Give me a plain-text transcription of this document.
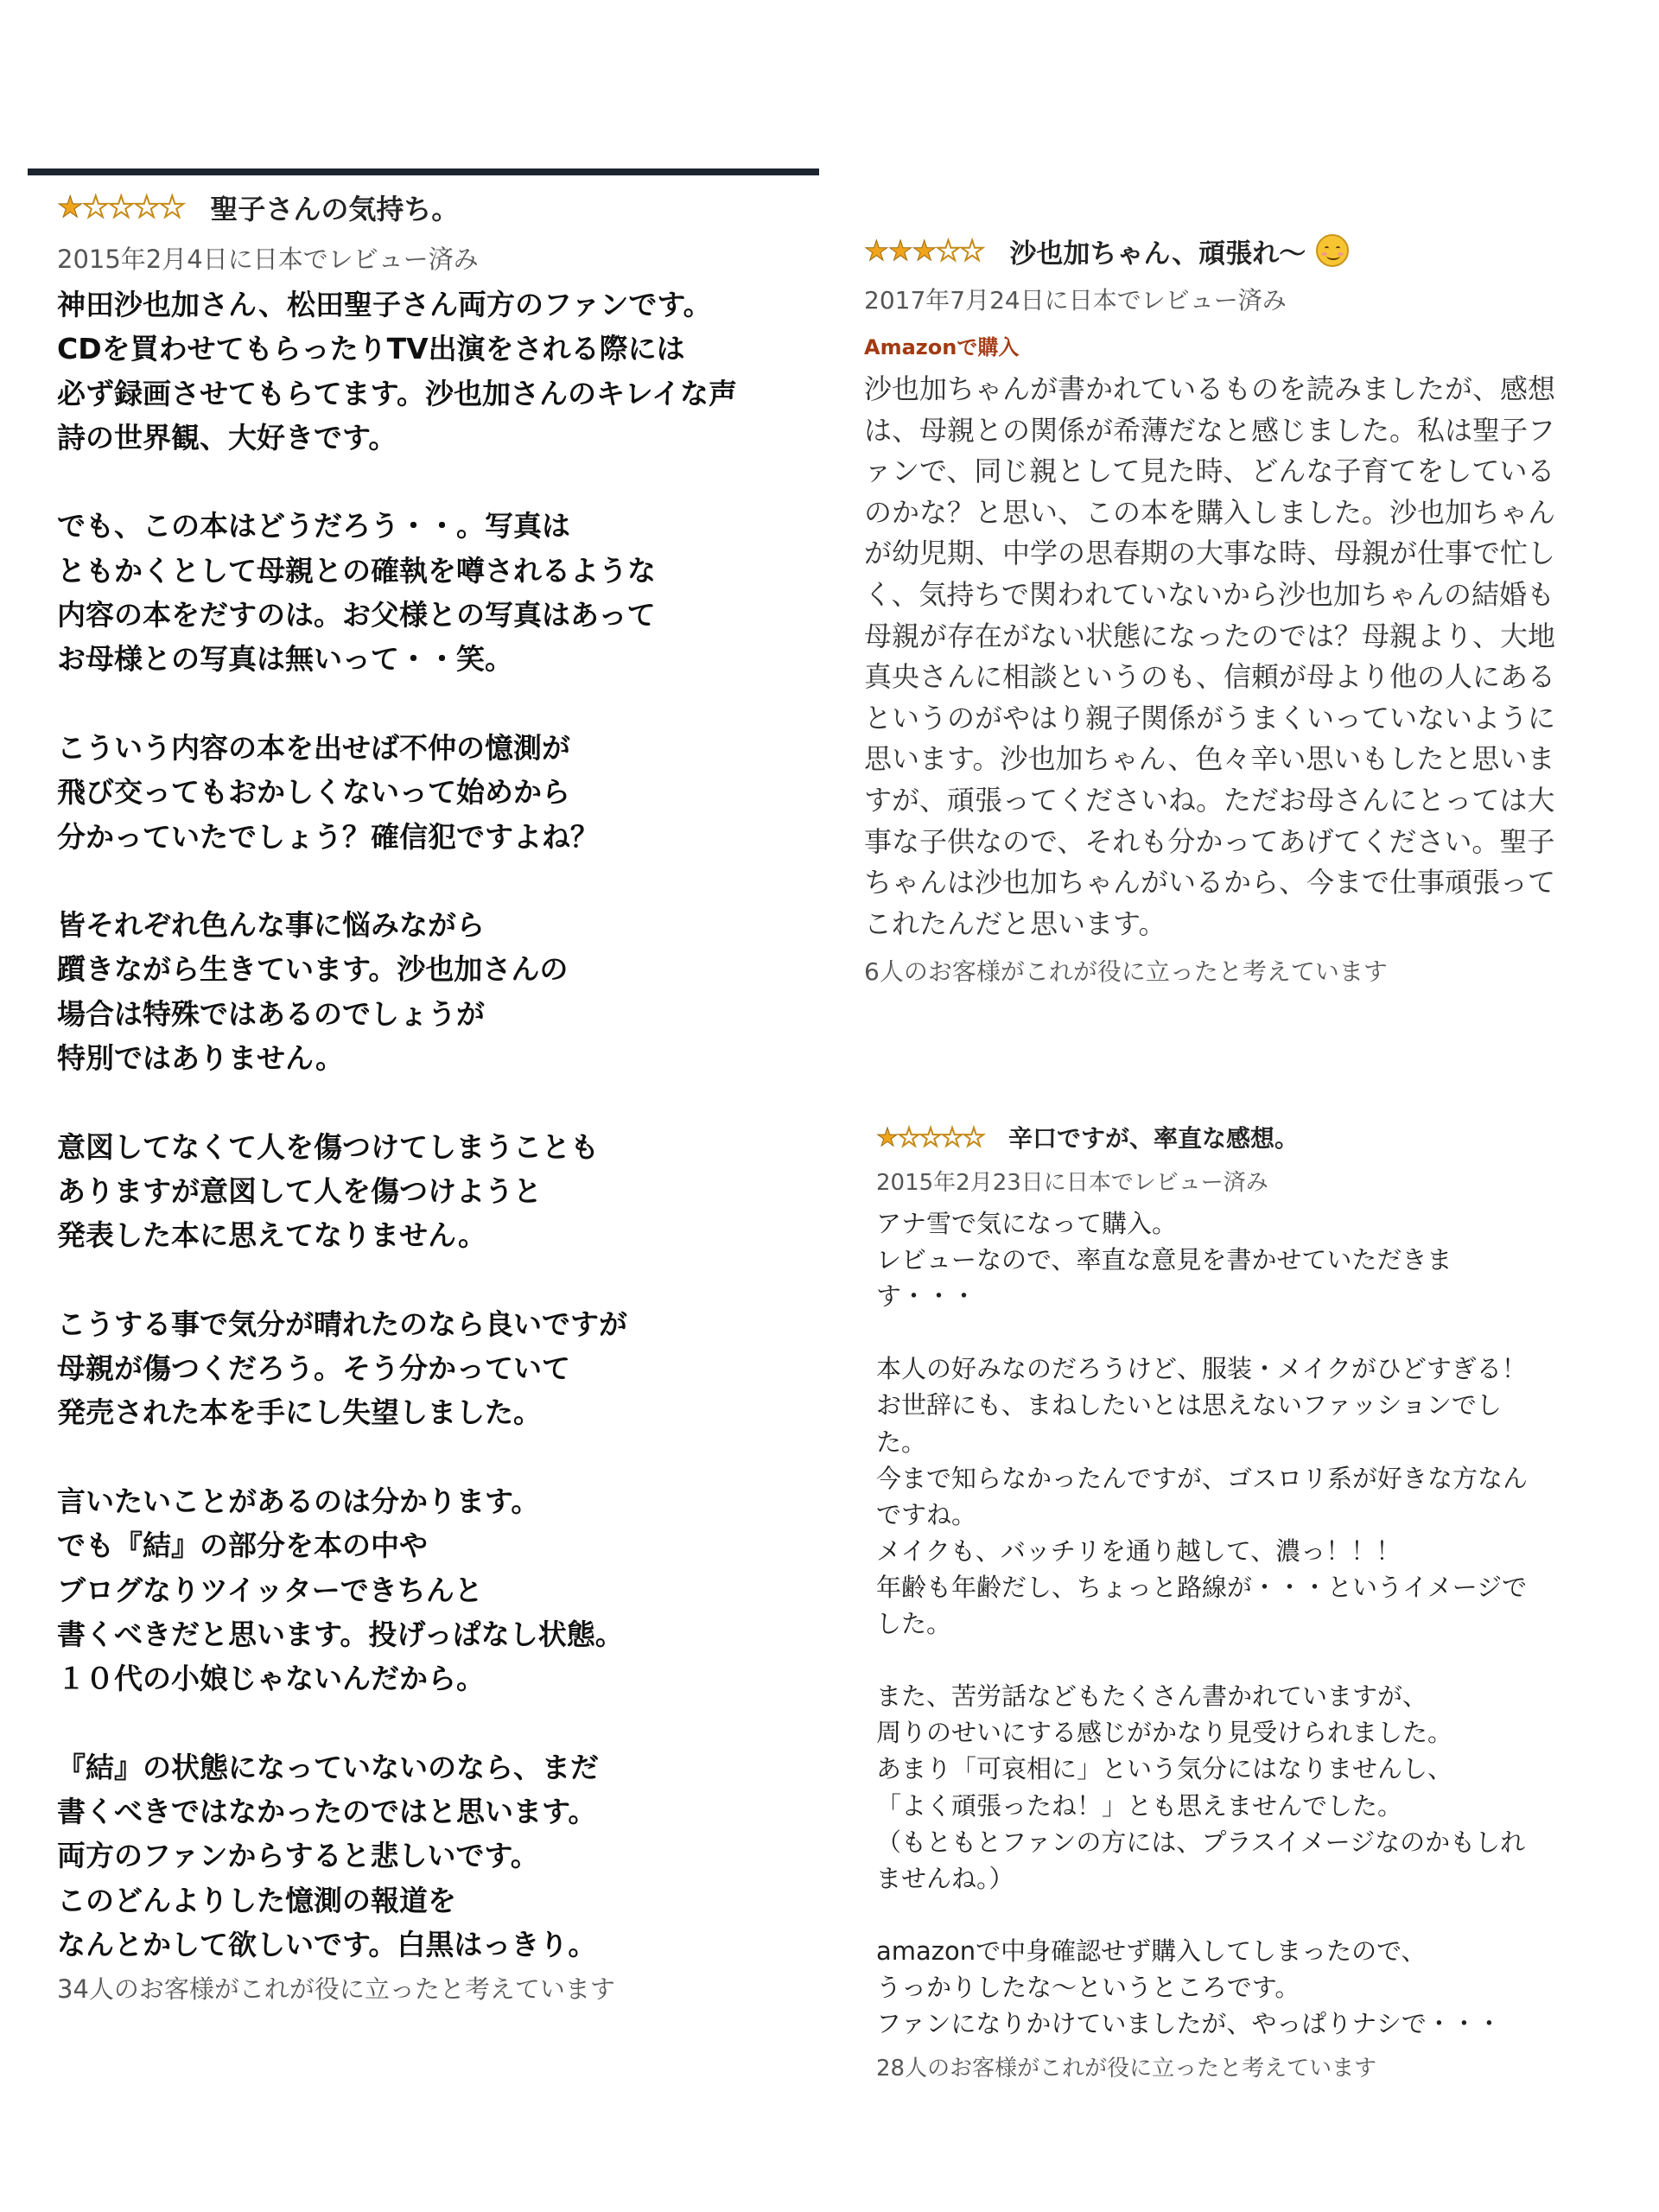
★ ★ ★ ★ ★ 聖子さんの気持ち。
2015年2月4日に日本でレビュー済み
神田沙也加さん、松田聖子さん両方のファンです。
CDを買わせてもらったりTV出演をされる際には
必ず録画させてもらてます。沙也加さんのキレイな声
詩の世界観、大好きです。

でも、この本はどうだろう・・。写真は
ともかくとして母親との確執を噂されるような
内容の本をだすのは。お父様との写真はあって
お母様との写真は無いって・・笑。

こういう内容の本を出せば不仲の憶測が
飛び交ってもおかしくないって始めから
分かっていたでしょう？確信犯ですよね？

皆それぞれ色んな事に悩みながら
躓きながら生きています。沙也加さんの
場合は特殊ではあるのでしょうが
特別ではありません。

意図してなくて人を傷つけてしまうことも
ありますが意図して人を傷つけようと
発表した本に思えてなりません。

こうする事で気分が晴れたのなら良いですが
母親が傷つくだろう。そう分かっていて
発売された本を手にし失望しました。

言いたいことがあるのは分かります。
でも『結』の部分を本の中や
ブログなりツイッターできちんと
書くべきだと思います。投げっぱなし状態。
１０代の小娘じゃないんだから。

『結』の状態になっていないのなら、まだ
書くべきではなかったのではと思います。
両方のファンからすると悲しいです。
このどんよりした憶測の報道を
なんとかして欲しいです。白黒はっきり。
34人のお客様がこれが役に立ったと考えています
★ ★ ★ ★ ★ 沙也加ちゃん、頑張れ〜
2017年7月24日に日本でレビュー済み
Amazonで購入
沙也加ちゃんが書かれているものを読みましたが、感想は、母親との関係が希薄だなと感じました。私は聖子ファンで、同じ親として見た時、どんな子育てをしているのかな？と思い、この本を購入しました。沙也加ちゃんが幼児期、中学の思春期の大事な時、母親が仕事で忙しく、気持ちで関われていないから沙也加ちゃんの結婚も母親が存在がない状態になったのでは？母親より、大地 真央さんに相談というのも、信頼が母より他の人にあるというのがやはり親子関係がうまくいっていないように思います。沙也加ちゃん、色々辛い思いもしたと思いますが、頑張ってくださいね。ただお母さんにとっては大事な子供なので、それも分かってあげてください。聖子ちゃんは沙也加ちゃんがいるから、今まで仕事頑張ってこれたんだと思います。
6人のお客様がこれが役に立ったと考えています
★ ★ ★ ★ ★ 辛口ですが、率直な感想。
2015年2月23日に日本でレビュー済み
アナ雪で気になって購入。
レビューなので、率直な意見を書かせていただきます・・・

本人の好みなのだろうけど、服装・メイクがひどすぎる！
お世辞にも、まねしたいとは思えないファッションでした。
今まで知らなかったんですが、ゴスロリ系が好きな方なんですね。
メイクも、バッチリを通り越して、濃っ！！！
年齢も年齢だし、ちょっと路線が・・・というイメージでした。

また、苦労話などもたくさん書かれていますが、
周りのせいにする感じがかなり見受けられました。
あまり「可哀相に」という気分にはなりませんし、
「よく頑張ったね！」とも思えませんでした。
（もともとファンの方には、プラスイメージなのかもしれませんね。）

amazonで中身確認せず購入してしまったので、
うっかりしたな〜というところです。
ファンになりかけていましたが、やっぱりナシで・・・
28人のお客様がこれが役に立ったと考えています
